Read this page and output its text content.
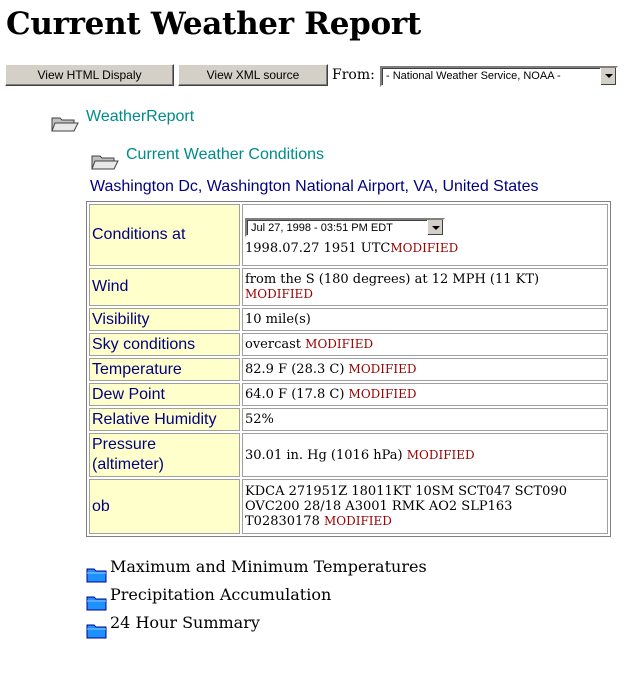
Current Weather Report
View HTML Dispaly	View XML source	From: - National Weather Service, NOAA -
WeatherReport
Current Weather Conditions
Washington Dc, Washington National Airport, VA, United States
Conditions at	Jul 27, 1998 - 03:51 PM EDT
1998.07.27 1951 UTCMODIFIED
Wind	from the S (180 degrees) at 12 MPH (11 KT)
MODIFIED
Visibility	10 mile(s)
Sky conditions	overcast MODIFIED
Temperature	82.9 F (28.3 C) MODIFIED
Dew Point	64.0 F (17.8 C) MODIFIED
Relative Humidity	52%
Pressure
(altimeter)	30.01 in. Hg (1016 hPa) MODIFIED
ob	KDCA 271951Z 18011KT 10SM SCT047 SCT090
OVC200 28/18 A3001 RMK AO2 SLP163
T02830178 MODIFIED
Maximum and Minimum Temperatures
Precipitation Accumulation
24 Hour Summary
